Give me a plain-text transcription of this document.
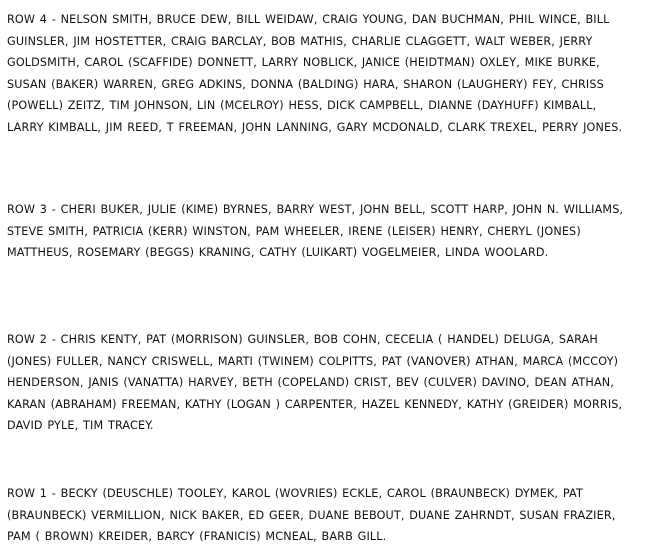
ROW 4 - NELSON SMITH, BRUCE DEW, BILL WEIDAW, CRAIG YOUNG, DAN BUCHMAN, PHIL WINCE, BILL GUINSLER, JIM HOSTETTER, CRAIG BARCLAY, BOB MATHIS, CHARLIE CLAGGETT, WALT WEBER, JERRY GOLDSMITH, CAROL (SCAFFIDE) DONNETT, LARRY NOBLICK, JANICE (HEIDTMAN) OXLEY, MIKE BURKE, SUSAN (BAKER) WARREN, GREG ADKINS, DONNA (BALDING) HARA, SHARON (LAUGHERY) FEY, CHRISS (POWELL) ZEITZ, TIM JOHNSON, LIN (MCELROY) HESS, DICK CAMPBELL, DIANNE (DAYHUFF) KIMBALL, LARRY KIMBALL, JIM REED, T FREEMAN, JOHN LANNING, GARY MCDONALD, CLARK TREXEL, PERRY JONES.

ROW 3 - CHERI BUKER, JULIE (KIME) BYRNES, BARRY WEST, JOHN BELL, SCOTT HARP, JOHN N. WILLIAMS, STEVE SMITH, PATRICIA (KERR) WINSTON, PAM WHEELER, IRENE (LEISER) HENRY, CHERYL (JONES) MATTHEUS, ROSEMARY (BEGGS) KRANING, CATHY (LUIKART) VOGELMEIER, LINDA WOOLARD.

ROW 2 - CHRIS KENTY, PAT (MORRISON) GUINSLER, BOB COHN, CECELIA ( HANDEL) DELUGA, SARAH (JONES) FULLER, NANCY CRISWELL, MARTI (TWINEM) COLPITTS, PAT (VANOVER) ATHAN, MARCA (MCCOY) HENDERSON, JANIS (VANATTA) HARVEY, BETH (COPELAND) CRIST, BEV (CULVER) DAVINO, DEAN ATHAN, KARAN (ABRAHAM) FREEMAN, KATHY (LOGAN ) CARPENTER, HAZEL KENNEDY, KATHY (GREIDER) MORRIS, DAVID PYLE, TIM TRACEY.

ROW 1 - BECKY (DEUSCHLE) TOOLEY, KAROL (WOVRIES) ECKLE, CAROL (BRAUNBECK) DYMEK, PAT (BRAUNBECK) VERMILLION, NICK BAKER, ED GEER, DUANE BEBOUT, DUANE ZAHRNDT, SUSAN FRAZIER, PAM ( BROWN) KREIDER, BARCY (FRANICIS) MCNEAL, BARB GILL.
